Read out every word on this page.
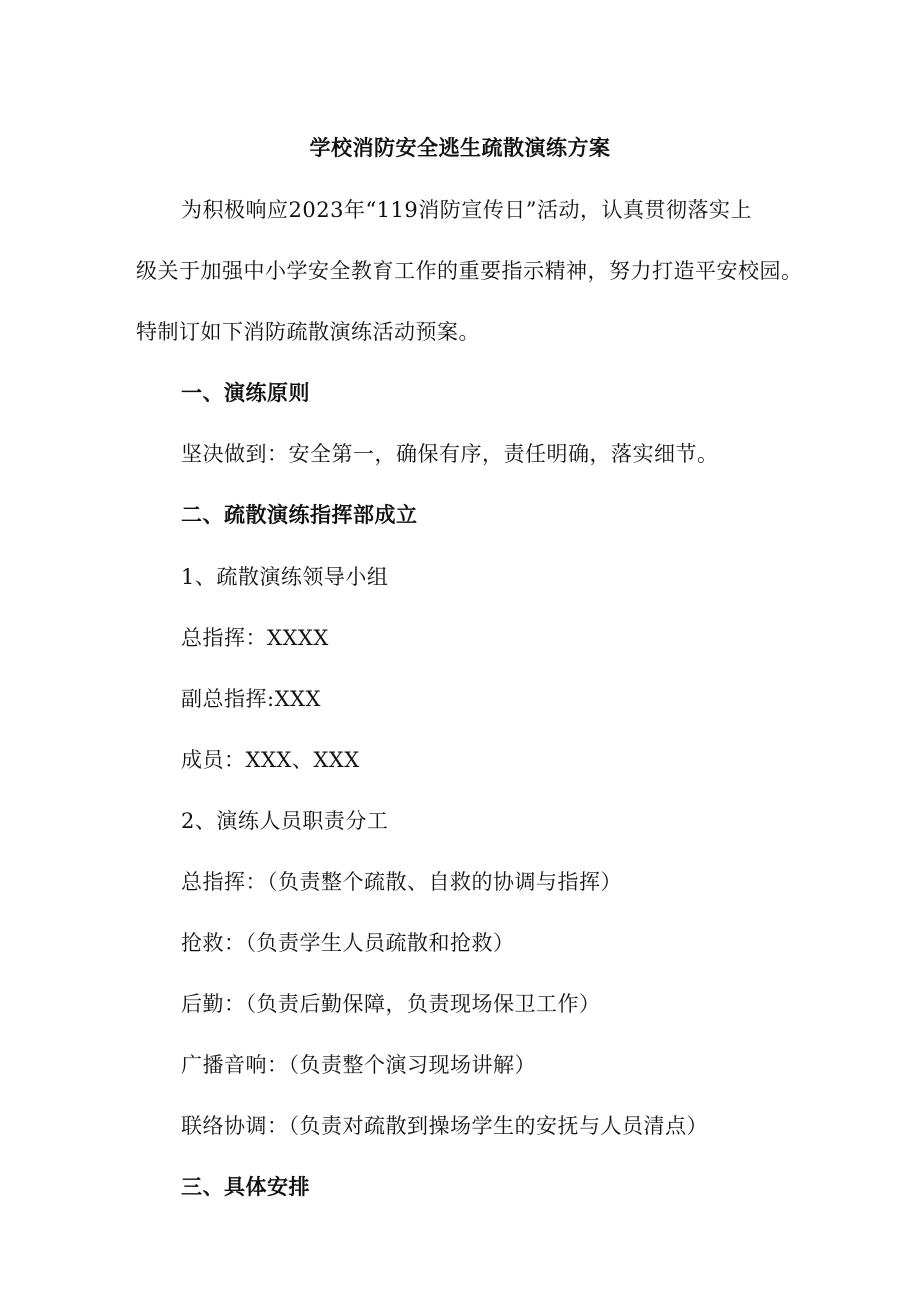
学校消防安全逃生疏散演练方案
为积极响应2023年“119消防宣传日”活动，认真贯彻落实上
级关于加强中小学安全教育工作的重要指示精神，努力打造平安校园。
特制订如下消防疏散演练活动预案。
一、演练原则
坚决做到：安全第一，确保有序，责任明确，落实细节。
二、疏散演练指挥部成立
1、疏散演练领导小组
总指挥：XXXX
副总指挥:XXX
成员：XXX、XXX
2、演练人员职责分工
总指挥：（负责整个疏散、自救的协调与指挥）
抢救：（负责学生人员疏散和抢救）
后勤：（负责后勤保障，负责现场保卫工作）
广播音响：（负责整个演习现场讲解）
联络协调：（负责对疏散到操场学生的安抚与人员清点）
三、具体安排
